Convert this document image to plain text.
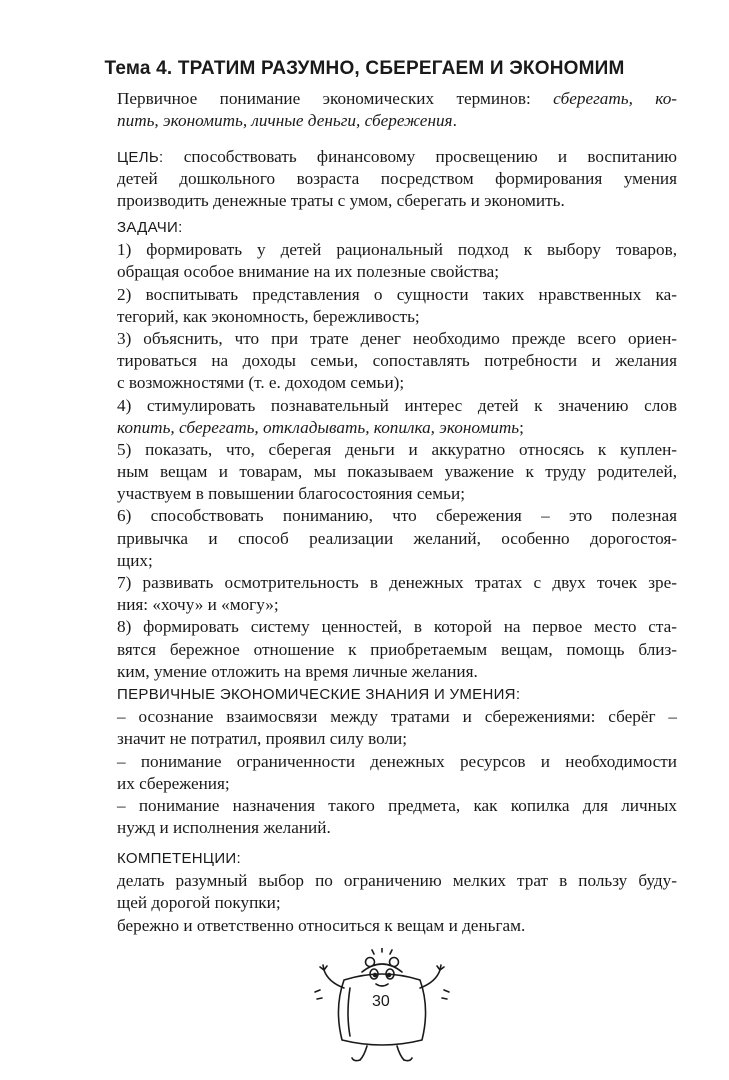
Тема 4. ТРАТИМ РАЗУМНО, СБЕРЕГАЕМ И ЭКОНОМИМ
Первичное понимание экономических терминов: сберегать, ко-
пить, экономить, личные деньги, сбережения.
ЦЕЛЬ: способствовать финансовому просвещению и воспитанию
детей дошкольного возраста посредством формирования умения
производить денежные траты с умом, сберегать и экономить.
ЗАДАЧИ:
1) формировать у детей рациональный подход к выбору товаров,
обращая особое внимание на их полезные свойства;
2) воспитывать представления о сущности таких нравственных ка-
тегорий, как экономность, бережливость;
3) объяснить, что при трате денег необходимо прежде всего ориен-
тироваться на доходы семьи, сопоставлять потребности и желания
с возможностями (т. е. доходом семьи);
4) стимулировать познавательный интерес детей к значению слов
копить, сберегать, откладывать, копилка, экономить;
5) показать, что, сберегая деньги и аккуратно относясь к куплен-
ным вещам и товарам, мы показываем уважение к труду родителей,
участвуем в повышении благосостояния семьи;
6) способствовать пониманию, что сбережения – это полезная
привычка и способ реализации желаний, особенно дорогостоя-
щих;
7) развивать осмотрительность в денежных тратах с двух точек зре-
ния: «хочу» и «могу»;
8) формировать систему ценностей, в которой на первое место ста-
вятся бережное отношение к приобретаемым вещам, помощь близ-
ким, умение отложить на время личные желания.
ПЕРВИЧНЫЕ ЭКОНОМИЧЕСКИЕ ЗНАНИЯ И УМЕНИЯ:
– осознание взаимосвязи между тратами и сбережениями: сберёг –
значит не потратил, проявил силу воли;
– понимание ограниченности денежных ресурсов и необходимости
их сбережения;
– понимание назначения такого предмета, как копилка для личных
нужд и исполнения желаний.
КОМПЕТЕНЦИИ:
делать разумный выбор по ограничению мелких трат в пользу буду-
щей дорогой покупки;
бережно и ответственно относиться к вещам и деньгам.
30
